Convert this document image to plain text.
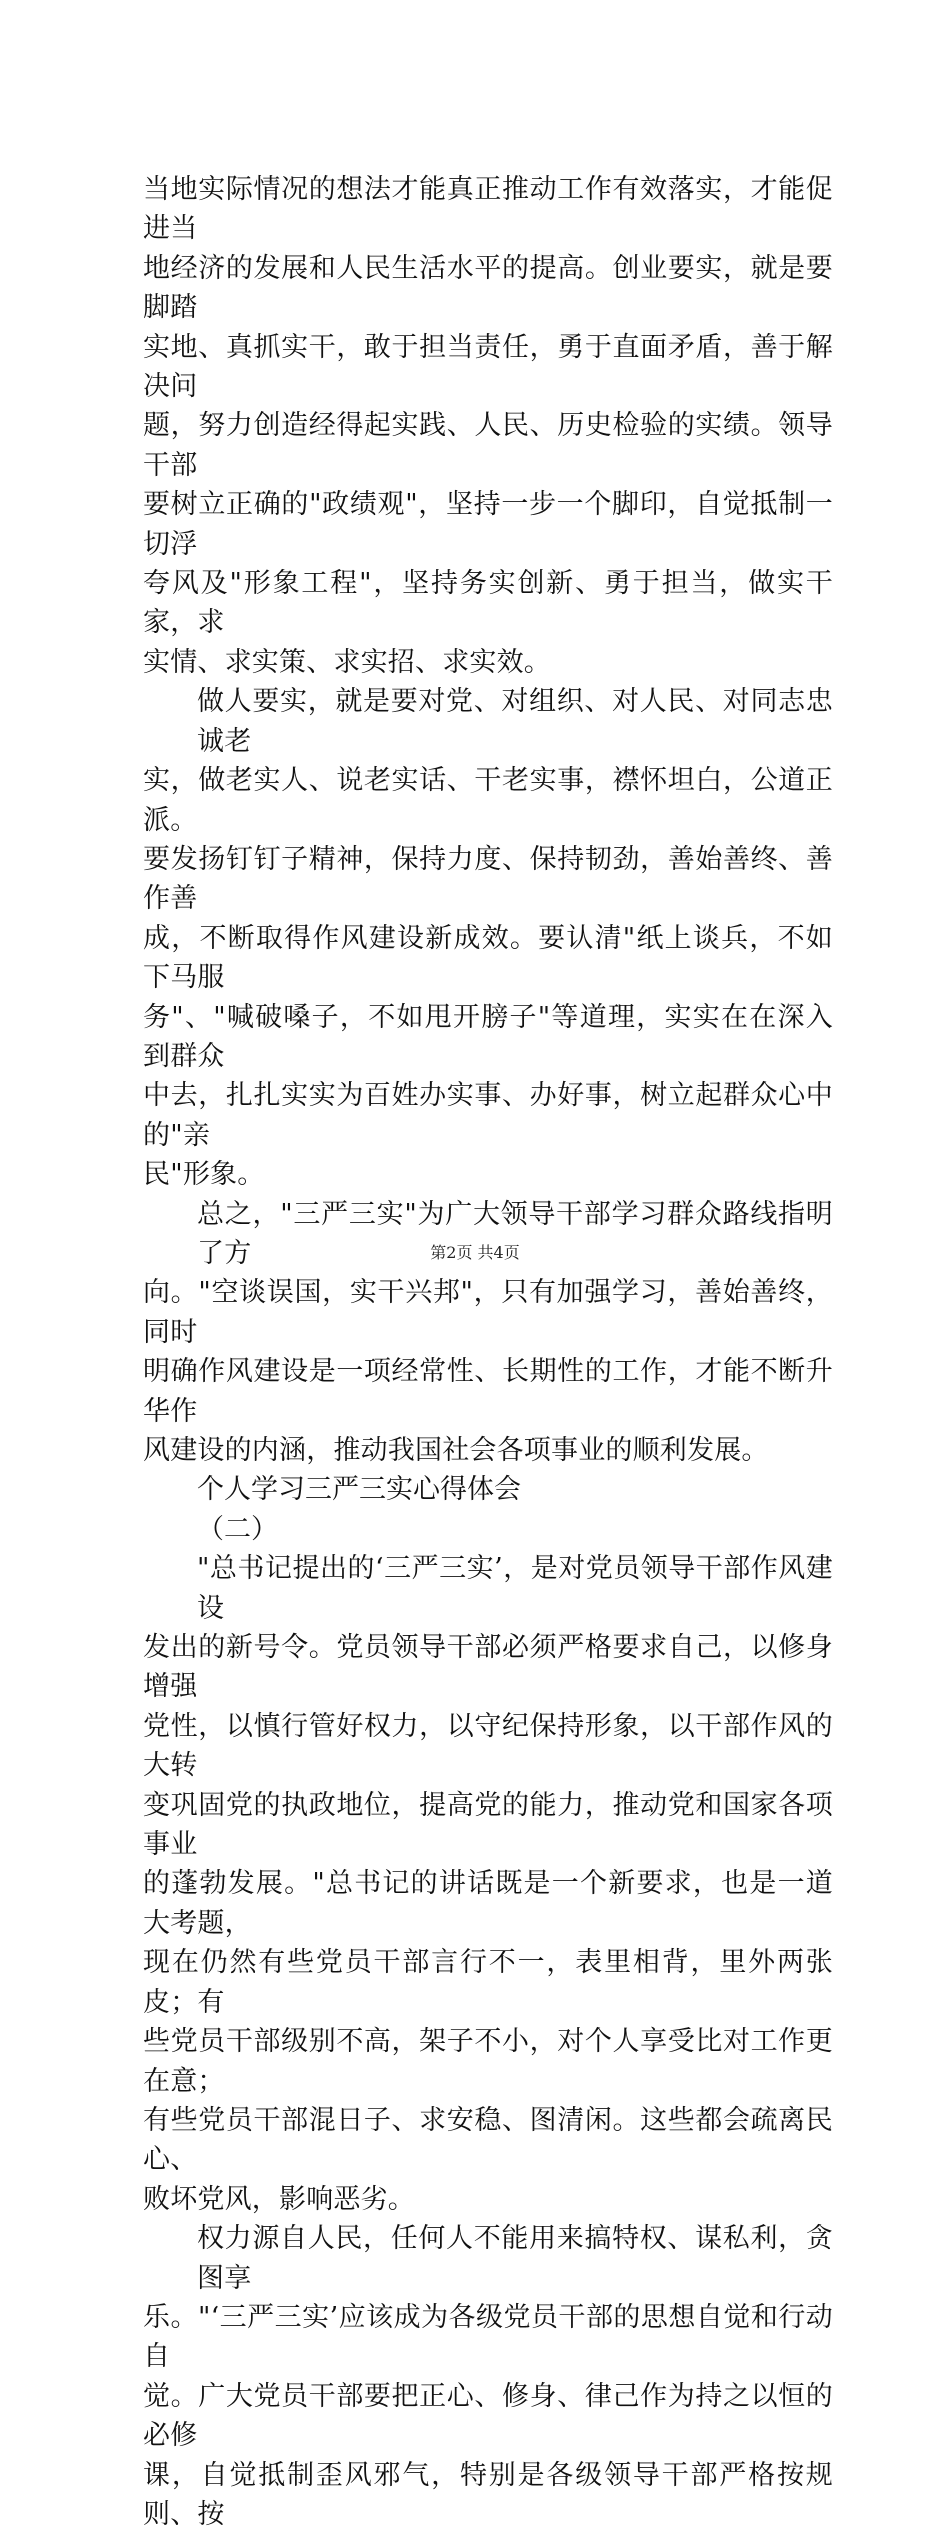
当地实际情况的想法才能真正推动工作有效落实，才能促进当
地经济的发展和人民生活水平的提高。创业要实，就是要脚踏
实地、真抓实干，敢于担当责任，勇于直面矛盾，善于解决问
题，努力创造经得起实践、人民、历史检验的实绩。领导干部
要树立正确的"政绩观"，坚持一步一个脚印，自觉抵制一切浮
夸风及"形象工程"，坚持务实创新、勇于担当，做实干家，求
实情、求实策、求实招、求实效。

做人要实，就是要对党、对组织、对人民、对同志忠诚老
实，做老实人、说老实话、干老实事，襟怀坦白，公道正派。
要发扬钉钉子精神，保持力度、保持韧劲，善始善终、善作善
成，不断取得作风建设新成效。要认清"纸上谈兵，不如下马服
务"、"喊破嗓子，不如甩开膀子"等道理，实实在在深入到群众
中去，扎扎实实为百姓办实事、办好事，树立起群众心中的"亲
民"形象。

总之，"三严三实"为广大领导干部学习群众路线指明了方
向。"空谈误国，实干兴邦"，只有加强学习，善始善终，同时
明确作风建设是一项经常性、长期性的工作，才能不断升华作
风建设的内涵，推动我国社会各项事业的顺利发展。

个人学习三严三实心得体会

（二）

"总书记提出的‘三严三实’，是对党员领导干部作风建设
发出的新号令。党员领导干部必须严格要求自己，以修身增强
党性，以慎行管好权力，以守纪保持形象，以干部作风的大转
变巩固党的执政地位，提高党的能力，推动党和国家各项事业
的蓬勃发展。"总书记的讲话既是一个新要求，也是一道大考题，
现在仍然有些党员干部言行不一，表里相背，里外两张皮；有
些党员干部级别不高，架子不小，对个人享受比对工作更在意；
有些党员干部混日子、求安稳、图清闲。这些都会疏离民心、
败坏党风，影响恶劣。

权力源自人民，任何人不能用来搞特权、谋私利，贪图享
乐。"‘三严三实’应该成为各级党员干部的思想自觉和行动自
觉。广大党员干部要把正心、修身、律己作为持之以恒的必修
课，自觉抵制歪风邪气，特别是各级领导干部严格按规则、按

第2页 共4页
